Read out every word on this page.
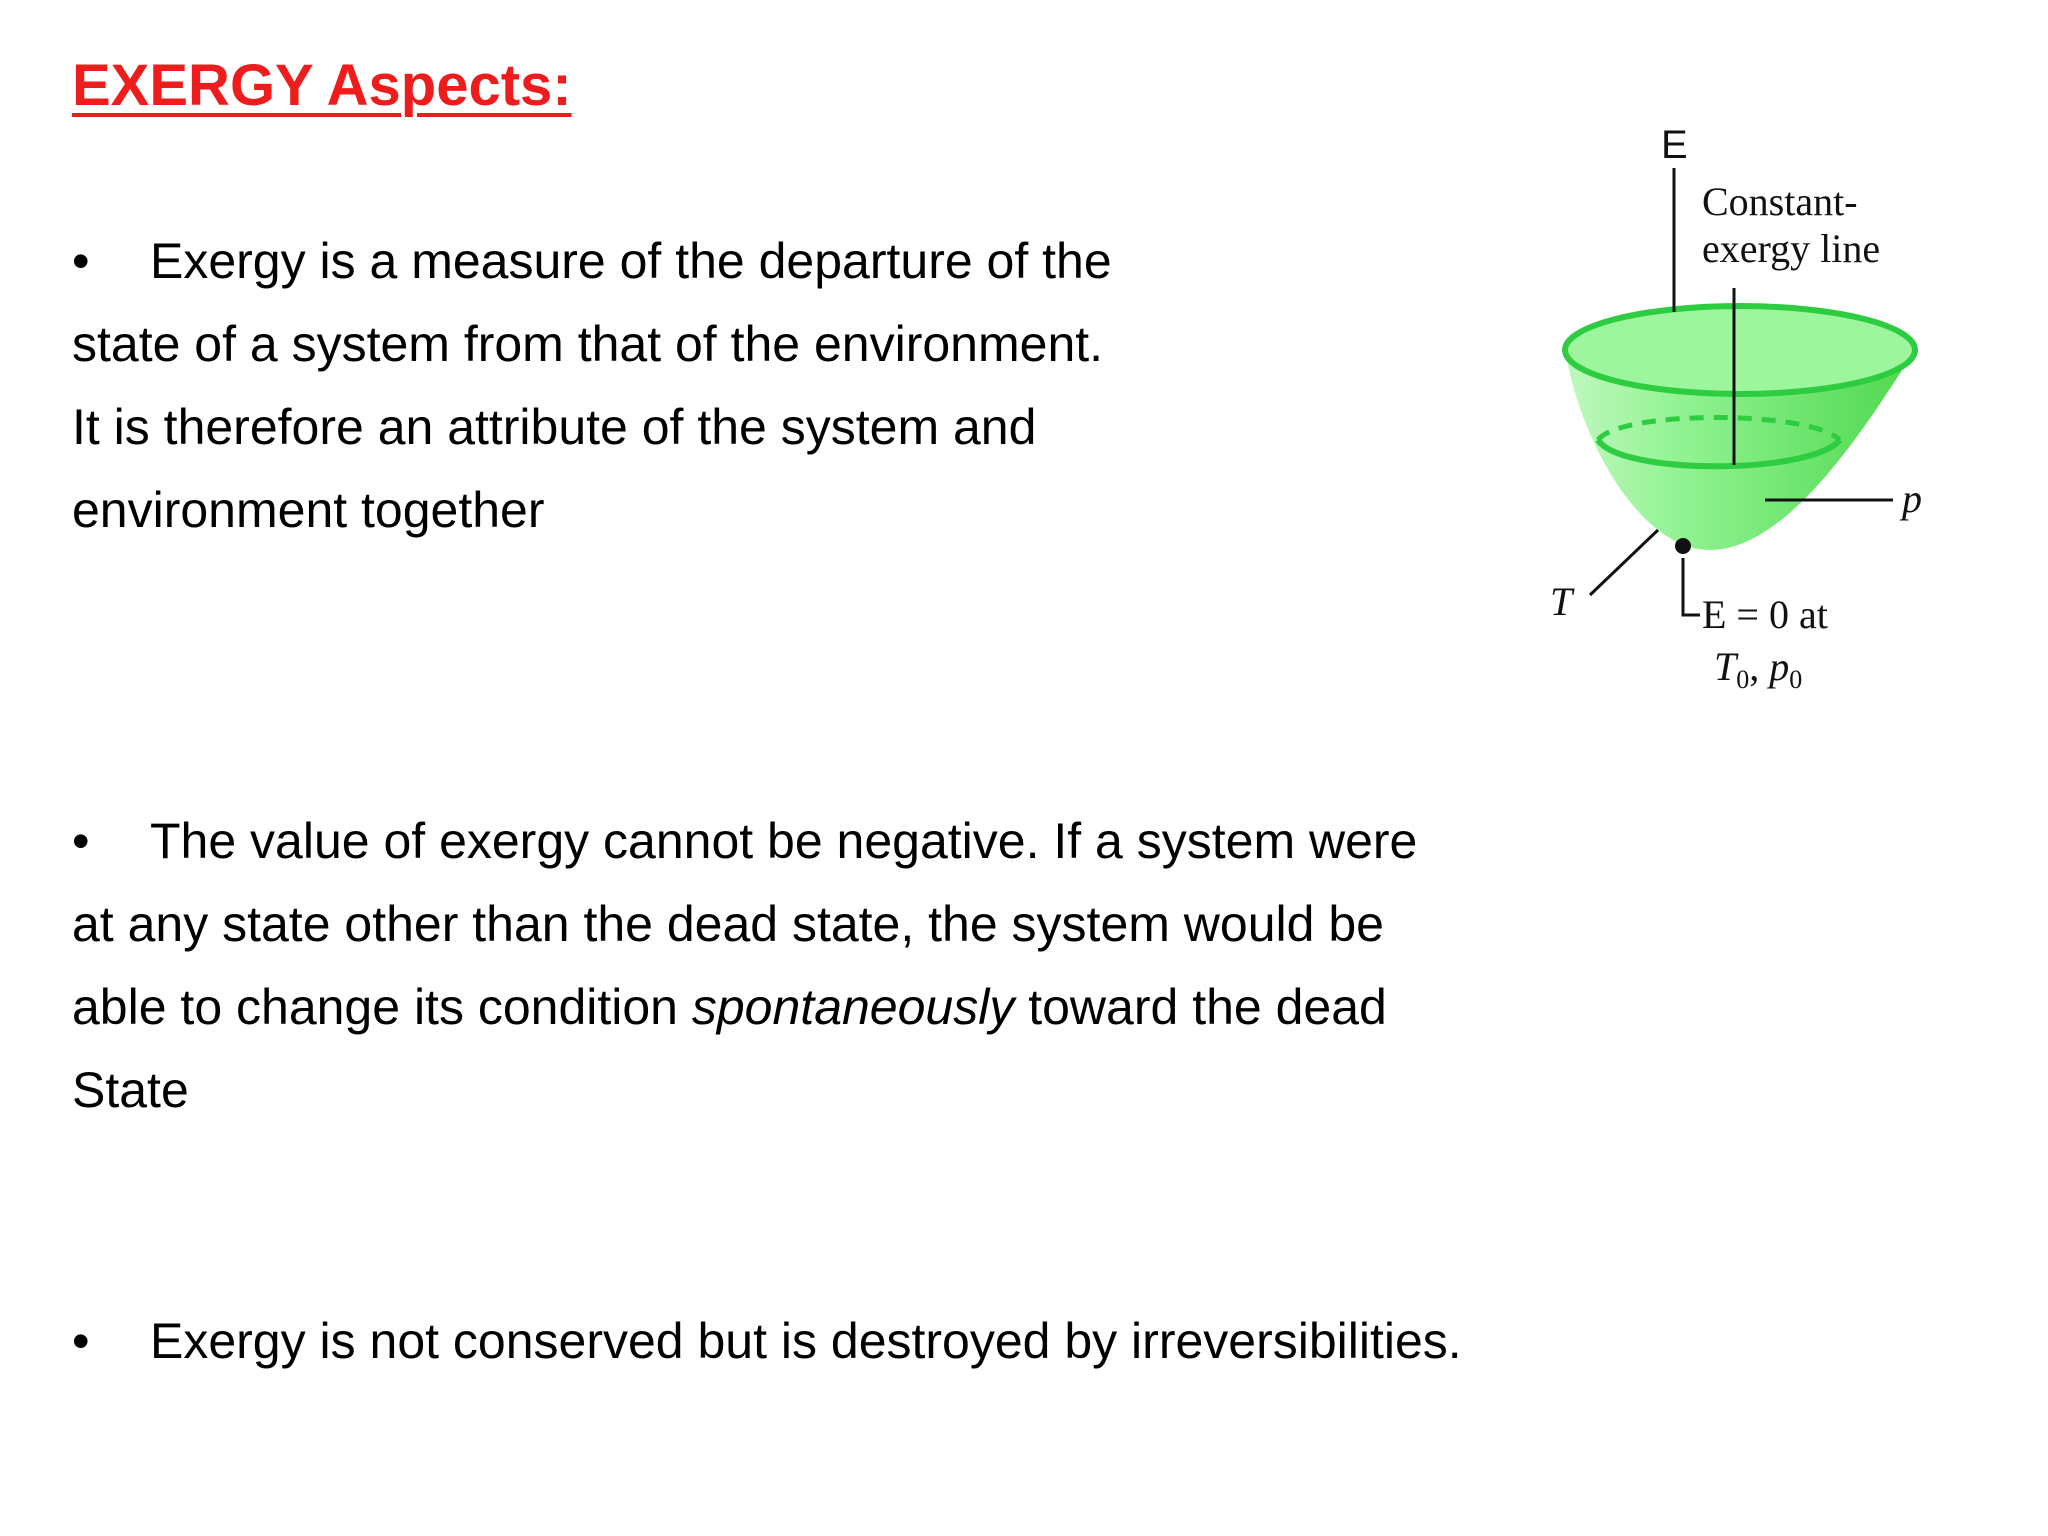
EXERGY Aspects:
• Exergy is a measure of the departure of the
state of a system from that of the environment.
It is therefore an attribute of the system and
environment together
• The value of exergy cannot be negative. If a system were
at any state other than the dead state, the system would be
able to change its condition spontaneously toward the dead
State
• Exergy is not conserved but is destroyed by irreversibilities.
E
Constant-
exergy line
p
T	E = 0 at
$T_0$, $p_0$
